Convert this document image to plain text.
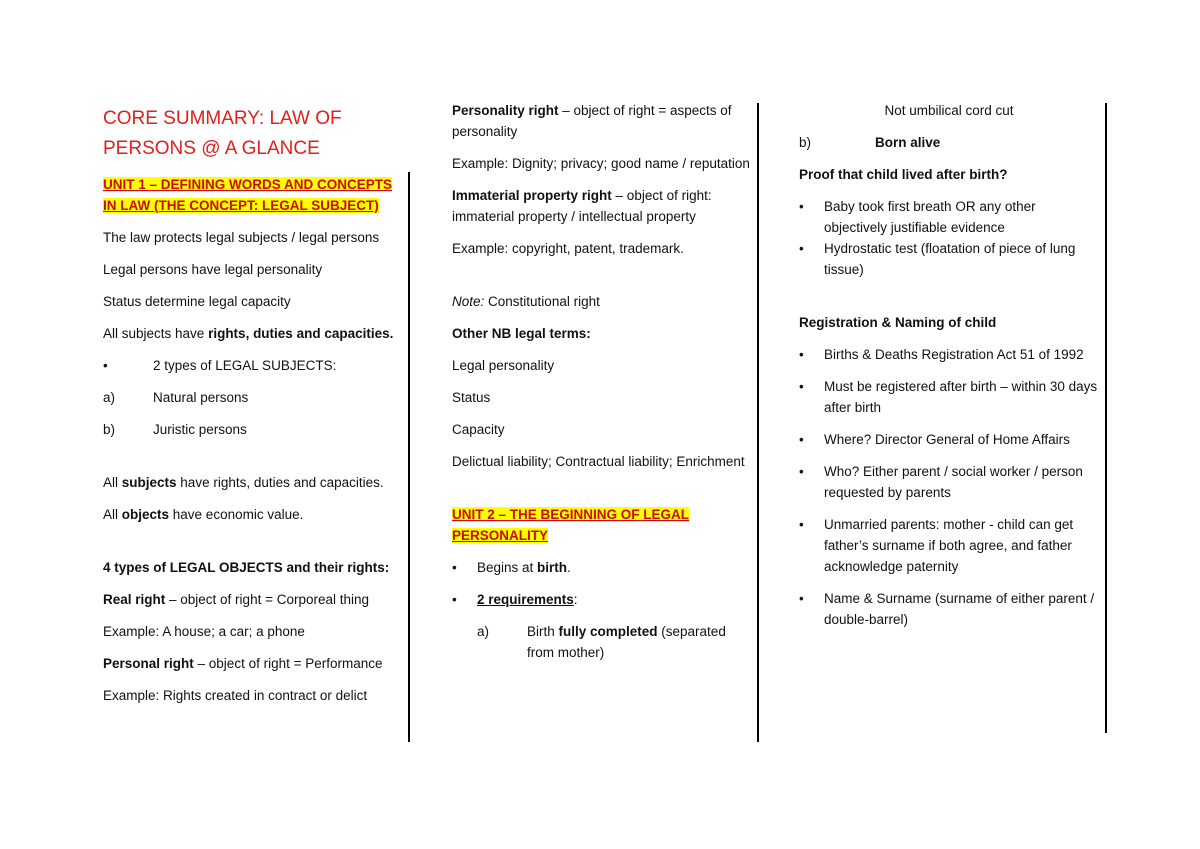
CORE SUMMARY: LAW OF PERSONS @ A GLANCE

UNIT 1 – DEFINING WORDS AND CONCEPTS IN LAW (THE CONCEPT: LEGAL SUBJECT)

The law protects legal subjects / legal persons

Legal persons have legal personality

Status determine legal capacity

All subjects have rights, duties and capacities.

•	2 types of LEGAL SUBJECTS:
a)	Natural persons
b)	Juristic persons

All subjects have rights, duties and capacities.

All objects have economic value.

4 types of LEGAL OBJECTS and their rights:

Real right – object of right = Corporeal thing

Example: A house; a car; a phone

Personal right – object of right = Performance

Example: Rights created in contract or delict

Personality right – object of right = aspects of personality

Example: Dignity; privacy; good name / reputation

Immaterial property right – object of right: immaterial property / intellectual property

Example: copyright, patent, trademark.

Note: Constitutional right

Other NB legal terms:

Legal personality

Status

Capacity

Delictual liability; Contractual liability; Enrichment

UNIT 2 – THE BEGINNING OF LEGAL PERSONALITY

•	Begins at birth.
•	2 requirements:
a)	Birth fully completed (separated from mother)

Not umbilical cord cut

b)	Born alive

Proof that child lived after birth?

•	Baby took first breath OR any other objectively justifiable evidence
•	Hydrostatic test (floatation of piece of lung tissue)

Registration & Naming of child

•	Births & Deaths Registration Act 51 of 1992
•	Must be registered after birth – within 30 days after birth
•	Where? Director General of Home Affairs
•	Who? Either parent / social worker / person requested by parents
•	Unmarried parents: mother - child can get father’s surname if both agree, and father acknowledge paternity
•	Name & Surname (surname of either parent / double-barrel)
